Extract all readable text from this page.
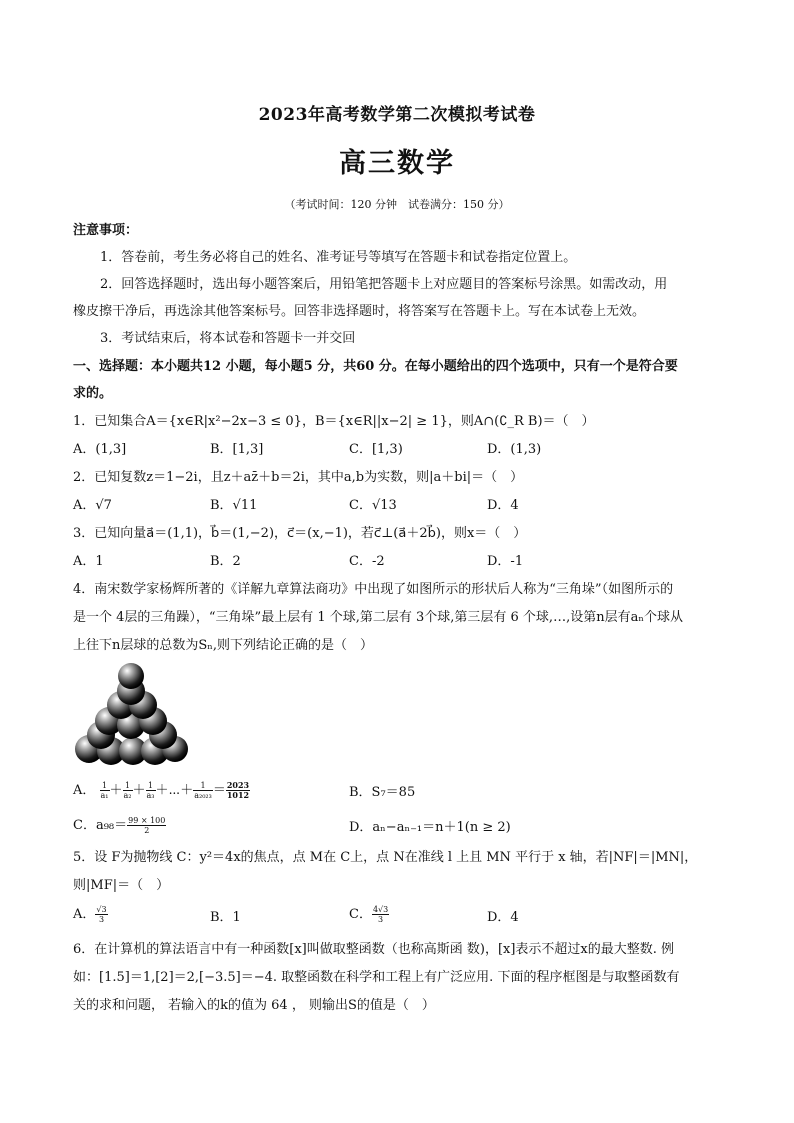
2023年高考数学第二次模拟考试卷
高三数学
（考试时间：120 分钟　试卷满分：150 分）
注意事项：
1．答卷前，考生务必将自己的姓名、准考证号等填写在答题卡和试卷指定位置上。
2．回答选择题时，选出每小题答案后，用铅笔把答题卡上对应题目的答案标号涂黑。如需改动，用
橡皮擦干净后，再选涂其他答案标号。回答非选择题时，将答案写在答题卡上。写在本试卷上无效。
3．考试结束后，将本试卷和答题卡一并交回
一、选择题：本小题共12 小题，每小题5 分，共60 分。在每小题给出的四个选项中，只有一个是符合要
求的。
1．已知集合A＝{x∈R|x²−2x−3 ≤ 0}，B＝{x∈R||x−2| ≥ 1}，则A∩(∁_R B)＝（　）
A．(1,3]	B．[1,3]	C．[1,3)	D．(1,3)
2．已知复数z＝1−2i，且z＋az̄＋b＝2i，其中a,b为实数，则|a＋bi|＝（　）
A．√7	B．√11	C．√13	D．4
3．已知向量a⃗＝(1,1)，b⃗＝(1,−2)，c⃗＝(x,−1)，若c⃗⊥(a⃗＋2b⃗)，则x＝（　）
A．1	B．2	C．-2	D．-1
4．南宋数学家杨辉所著的《详解九章算法商功》中出现了如图所示的形状后人称为“三角垛”（如图所示的
是一个 4层的三角躁），“三角垛”最上层有 1 个球,第二层有 3个球,第三层有 6 个球,…,设第n层有aₙ个球从
上往下n层球的总数为Sₙ,则下列结论正确的是（　）
A． $\frac{1}{\text{a₁}} + \frac{1}{\text{a₂}} + \frac{1}{\text{a₃}}$ ＋⋯＋ $\frac{1}{\text{a₂₀₂₃}} = \frac{2023}{1012}$	B．S₇＝85
C．$a_{98}= \frac{99 \times 100}{2}$	D．aₙ−aₙ₋₁＝n＋1(n ≥ 2)
5．设 F为抛物线 C：y²＝4x的焦点，点 M在 C上，点 N在准线 l 上且 MN 平行于 x 轴，若|NF|＝|MN|，
则|MF|＝（　）
A． $\frac{√3}{3}$	B．1	C． $\frac{4√3}{3}$	D．4
6．在计算机的算法语言中有一种函数[x]叫做取整函数（也称高斯函 数)，[x]表示不超过x的最大整数. 例
如：[1.5]＝1,[2]＝2,[−3.5]＝−4. 取整函数在科学和工程上有广泛应用. 下面的程序框图是与取整函数有
关的求和问题， 若输入的k的值为 64 ， 则输出S的值是（　）
